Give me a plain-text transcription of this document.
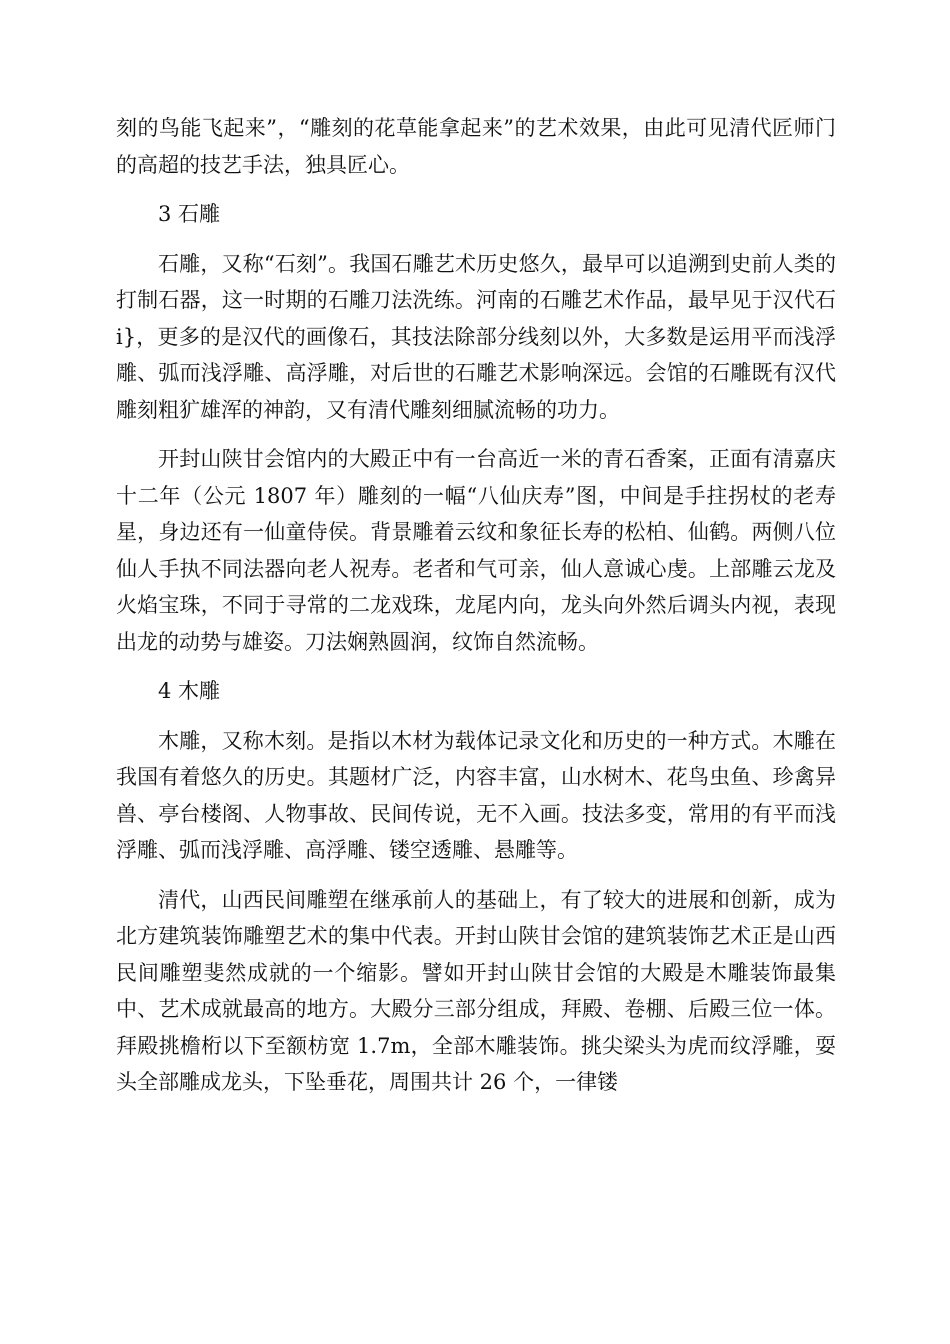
刻的鸟能飞起来”，“雕刻的花草能拿起来”的艺术效果，由此可见清代匠师门的高超的技艺手法，独具匠心。

3 石雕

石雕，又称“石刻”。我国石雕艺术历史悠久，最早可以追溯到史前人类的打制石器，这一时期的石雕刀法洗练。河南的石雕艺术作品，最早见于汉代石 i}，更多的是汉代的画像石，其技法除部分线刻以外，大多数是运用平而浅浮雕、弧而浅浮雕、高浮雕，对后世的石雕艺术影响深远。会馆的石雕既有汉代雕刻粗犷雄浑的神韵，又有清代雕刻细腻流畅的功力。

开封山陕甘会馆内的大殿正中有一台高近一米的青石香案，正面有清嘉庆十二年（公元 1807 年）雕刻的一幅“八仙庆寿”图，中间是手拄拐杖的老寿星，身边还有一仙童侍侯。背景雕着云纹和象征长寿的松柏、仙鹤。两侧八位仙人手执不同法器向老人祝寿。老者和气可亲，仙人意诚心虔。上部雕云龙及火焰宝珠，不同于寻常的二龙戏珠，龙尾内向，龙头向外然后调头内视，表现出龙的动势与雄姿。刀法娴熟圆润，纹饰自然流畅。

4 木雕

木雕，又称木刻。是指以木材为载体记录文化和历史的一种方式。木雕在我国有着悠久的历史。其题材广泛，内容丰富，山水树木、花鸟虫鱼、珍禽异兽、亭台楼阁、人物事故、民间传说，无不入画。技法多变，常用的有平而浅浮雕、弧而浅浮雕、高浮雕、镂空透雕、悬雕等。

清代，山西民间雕塑在继承前人的基础上，有了较大的进展和创新，成为北方建筑装饰雕塑艺术的集中代表。开封山陕甘会馆的建筑装饰艺术正是山西民间雕塑斐然成就的一个缩影。譬如开封山陕甘会馆的大殿是木雕装饰最集中、艺术成就最高的地方。大殿分三部分组成，拜殿、卷棚、后殿三位一体。拜殿挑檐桁以下至额枋宽 1.7m，全部木雕装饰。挑尖梁头为虎而纹浮雕，耍头全部雕成龙头，下坠垂花，周围共计 26 个，一律镂
